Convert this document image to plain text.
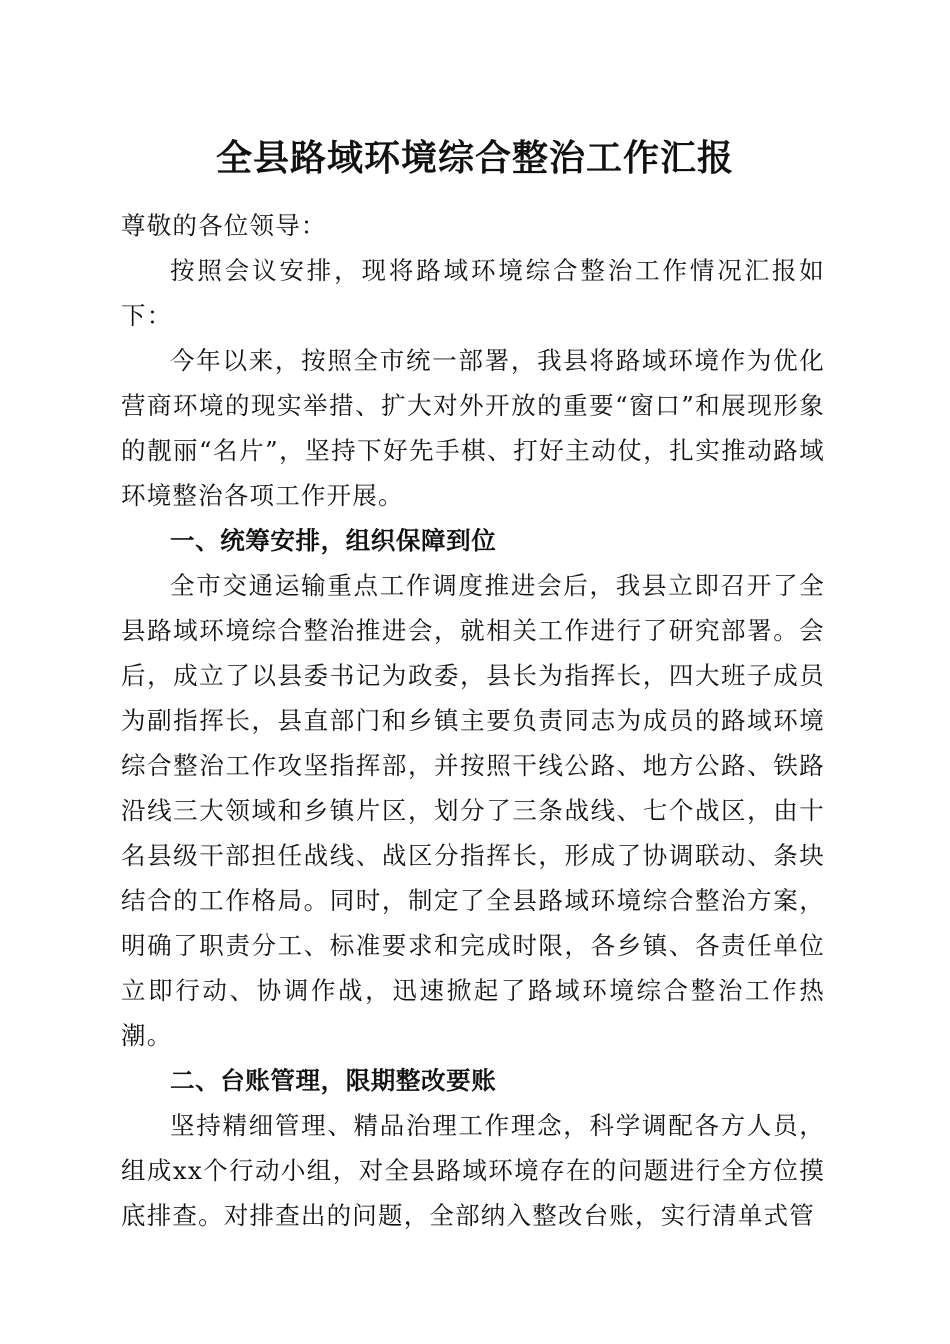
全县路域环境综合整治工作汇报

尊敬的各位领导：

按照会议安排，现将路域环境综合整治工作情况汇报如下：

今年以来，按照全市统一部署，我县将路域环境作为优化营商环境的现实举措、扩大对外开放的重要“窗口”和展现形象的靓丽“名片”，坚持下好先手棋、打好主动仗，扎实推动路域环境整治各项工作开展。

一、统筹安排，组织保障到位

全市交通运输重点工作调度推进会后，我县立即召开了全县路域环境综合整治推进会，就相关工作进行了研究部署。会后，成立了以县委书记为政委，县长为指挥长，四大班子成员为副指挥长，县直部门和乡镇主要负责同志为成员的路域环境综合整治工作攻坚指挥部，并按照干线公路、地方公路、铁路沿线三大领域和乡镇片区，划分了三条战线、七个战区，由十名县级干部担任战线、战区分指挥长，形成了协调联动、条块结合的工作格局。同时，制定了全县路域环境综合整治方案，明确了职责分工、标准要求和完成时限，各乡镇、各责任单位立即行动、协调作战，迅速掀起了路域环境综合整治工作热潮。

二、台账管理，限期整改要账

坚持精细管理、精品治理工作理念，科学调配各方人员，组成xx个行动小组，对全县路域环境存在的问题进行全方位摸底排查。对排查出的问题，全部纳入整改台账，实行清单式管
